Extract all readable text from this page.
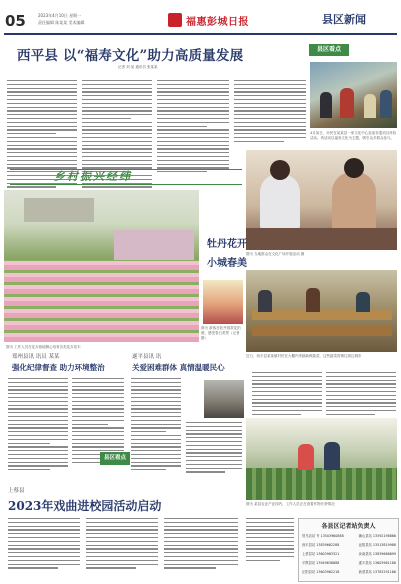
05	2023年4月10日 星期一
责任编辑 陈某某 美术编辑	福惠彭城日报	县区新闻
西平县 以“福寿文化”助力高质量发展
记者 刘 某 通讯员 张某某
县区看点
4月某日，市民在某某县一家文化中心参加非遗项目体验活动。该活动以福寿文化为主题，吸引众多群众参与。
图为 当地群众在文化广场开展活动 摄
近日，西平县某某镇村民在大棚内采摘新鲜蔬菜，这些蔬菜将销往周边城市
图为 某县农业产业园内，工作人员正在查看作物长势情况
乡村振兴经纬
牡丹花开
小城春美
图为 游客在牡丹园赏花拍照，感受春日美景（记者 摄）
图为 工作人员在花卉基地精心培育各类花卉苗木
郑州县讯 讯员 某某
强化纪律督查 助力环境整治
县区看点
遂平县讯 讯
关爱困难群体 真情温暖民心
上蔡县
2023年戏曲进校园活动启动
各县区记者站负责人
驻马店站 号 13503960888	确山县站 13592198866
西平县站 13839662288	泌阳县站 13513819988
上蔡县站 13603963321	汝南县站 13839666699
平舆县站 13949636688	遂平县站 13603961188
正阳县站 13603962218	新蔡县站 13783291166
